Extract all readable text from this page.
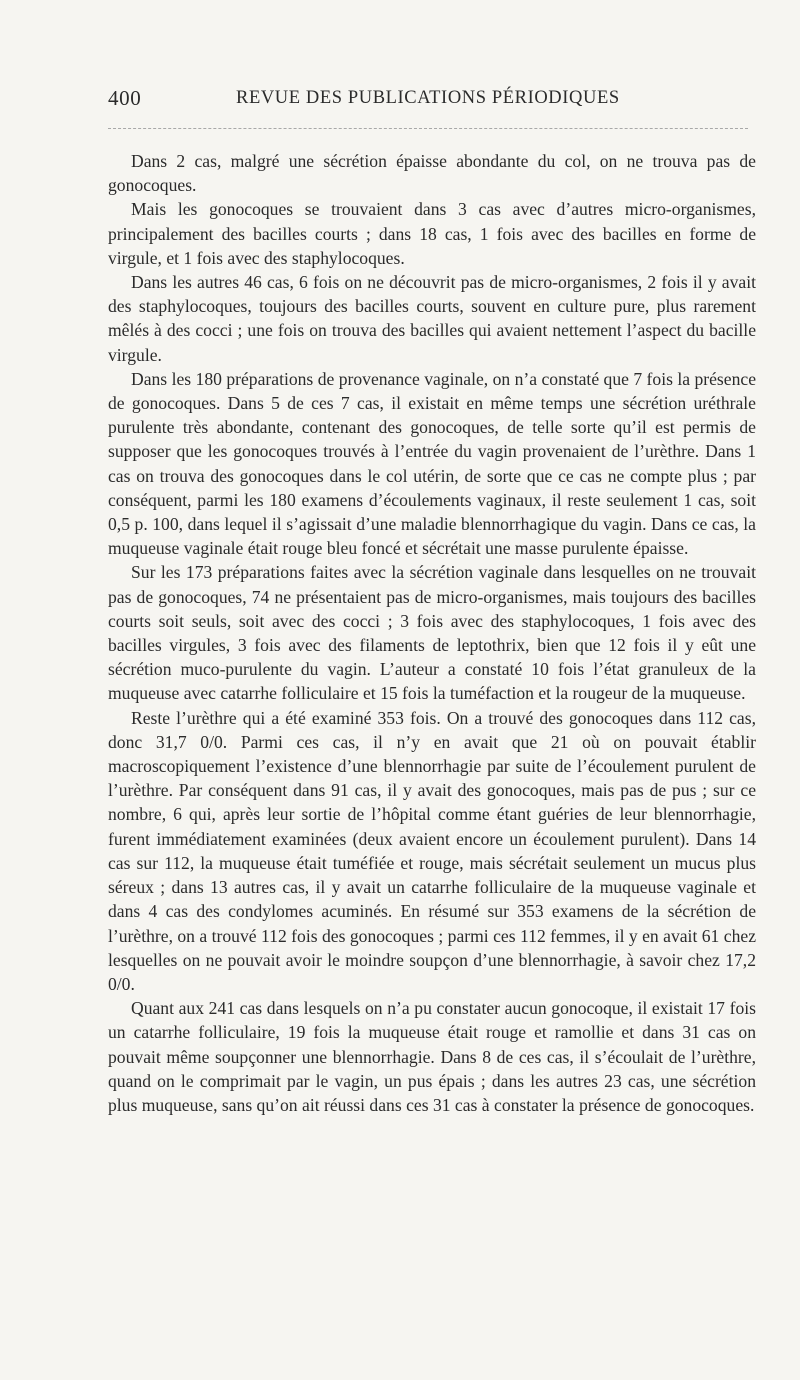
400	REVUE DES PUBLICATIONS PÉRIODIQUES

Dans 2 cas, malgré une sécrétion épaisse abondante du col, on ne trouva pas de gonocoques.

Mais les gonocoques se trouvaient dans 3 cas avec d’autres micro-organismes, principalement des bacilles courts ; dans 18 cas, 1 fois avec des bacilles en forme de virgule, et 1 fois avec des staphylocoques.

Dans les autres 46 cas, 6 fois on ne découvrit pas de micro-organismes, 2 fois il y avait des staphylocoques, toujours des bacilles courts, souvent en culture pure, plus rarement mêlés à des cocci ; une fois on trouva des bacilles qui avaient nettement l’aspect du bacille virgule.

Dans les 180 préparations de provenance vaginale, on n’a constaté que 7 fois la présence de gonocoques. Dans 5 de ces 7 cas, il existait en même temps une sécrétion uréthrale purulente très abondante, contenant des gonocoques, de telle sorte qu’il est permis de supposer que les gonocoques trouvés à l’entrée du vagin provenaient de l’urèthre. Dans 1 cas on trouva des gonocoques dans le col utérin, de sorte que ce cas ne compte plus ; par conséquent, parmi les 180 examens d’écoulements vaginaux, il reste seulement 1 cas, soit 0,5 p. 100, dans lequel il s’agissait d’une maladie blennorrhagique du vagin. Dans ce cas, la muqueuse vaginale était rouge bleu foncé et sécrétait une masse purulente épaisse.

Sur les 173 préparations faites avec la sécrétion vaginale dans lesquelles on ne trouvait pas de gonocoques, 74 ne présentaient pas de micro-organismes, mais toujours des bacilles courts soit seuls, soit avec des cocci ; 3 fois avec des staphylocoques, 1 fois avec des bacilles virgules, 3 fois avec des filaments de leptothrix, bien que 12 fois il y eût une sécrétion muco-purulente du vagin. L’auteur a constaté 10 fois l’état granuleux de la muqueuse avec catarrhe folliculaire et 15 fois la tuméfaction et la rougeur de la muqueuse.

Reste l’urèthre qui a été examiné 353 fois. On a trouvé des gonocoques dans 112 cas, donc 31,7 0/0. Parmi ces cas, il n’y en avait que 21 où on pouvait établir macroscopiquement l’existence d’une blennorrhagie par suite de l’écoulement purulent de l’urèthre. Par conséquent dans 91 cas, il y avait des gonocoques, mais pas de pus ; sur ce nombre, 6 qui, après leur sortie de l’hôpital comme étant guéries de leur blennorrhagie, furent immédiatement examinées (deux avaient encore un écoulement purulent). Dans 14 cas sur 112, la muqueuse était tuméfiée et rouge, mais sécrétait seulement un mucus plus séreux ; dans 13 autres cas, il y avait un catarrhe folliculaire de la muqueuse vaginale et dans 4 cas des condylomes acuminés. En résumé sur 353 examens de la sécrétion de l’urèthre, on a trouvé 112 fois des gonocoques ; parmi ces 112 femmes, il y en avait 61 chez lesquelles on ne pouvait avoir le moindre soupçon d’une blennorrhagie, à savoir chez 17,2 0/0.

Quant aux 241 cas dans lesquels on n’a pu constater aucun gonocoque, il existait 17 fois un catarrhe folliculaire, 19 fois la muqueuse était rouge et ramollie et dans 31 cas on pouvait même soupçonner une blennorrhagie. Dans 8 de ces cas, il s’écoulait de l’urèthre, quand on le comprimait par le vagin, un pus épais ; dans les autres 23 cas, une sécrétion plus muqueuse, sans qu’on ait réussi dans ces 31 cas à constater la présence de gonocoques.
